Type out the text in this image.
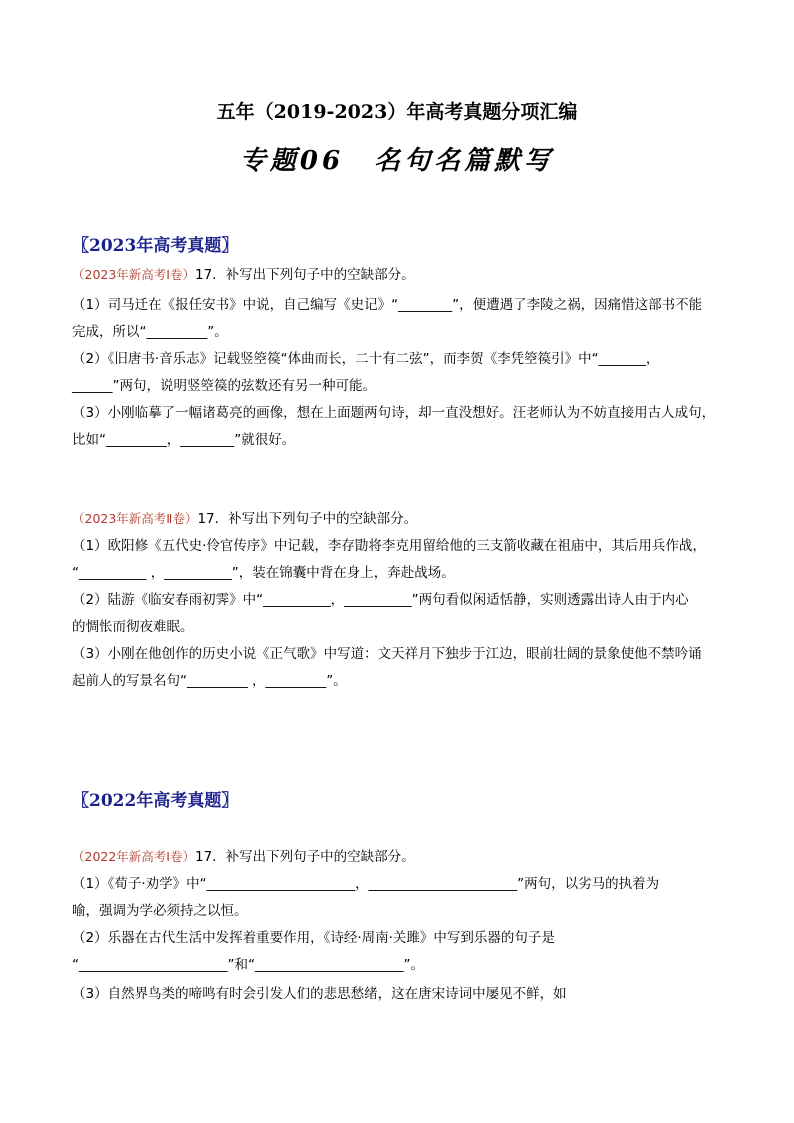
五年（2019-2023）年高考真题分项汇编
专题06　名句名篇默写
〖2023年高考真题〗
（2023年新高考Ⅰ卷）17．补写出下列句子中的空缺部分。
（1）司马迁在《报任安书》中说，自己编写《史记》“________”，便遭遇了李陵之祸，因痛惜这部书不能
完成，所以“_________”。
（2）《旧唐书·音乐志》记载竖箜篌“体曲而长，二十有二弦”，而李贺《李凭箜篌引》中“_______，
______”两句，说明竖箜篌的弦数还有另一种可能。
（3）小刚临摹了一幅诸葛亮的画像，想在上面题两句诗，却一直没想好。汪老师认为不妨直接用古人成句，
比如“_________，________”就很好。
（2023年新高考Ⅱ卷）17．补写出下列句子中的空缺部分。
（1）欧阳修《五代史·伶官传序》中记载，李存勖将李克用留给他的三支箭收藏在祖庙中，其后用兵作战，
“__________ ，__________”，装在锦囊中背在身上，奔赴战场。
（2）陆游《临安春雨初霁》中“__________，__________”两句看似闲适恬静，实则透露出诗人由于内心
的惆怅而彻夜难眠。
（3）小刚在他创作的历史小说《正气歌》中写道：文天祥月下独步于江边，眼前壮阔的景象使他不禁吟诵
起前人的写景名句“_________ ，_________”。
〖2022年高考真题〗
（2022年新高考Ⅰ卷）17．补写出下列句子中的空缺部分。
（1）《荀子·劝学》中“______________________，______________________”两句，以劣马的执着为
喻，强调为学必须持之以恒。
（2）乐器在古代生活中发挥着重要作用，《诗经·周南·关雎》中写到乐器的句子是
“______________________”和“______________________”。
（3）自然界鸟类的啼鸣有时会引发人们的悲思愁绪，这在唐宋诗词中屡见不鲜，如
